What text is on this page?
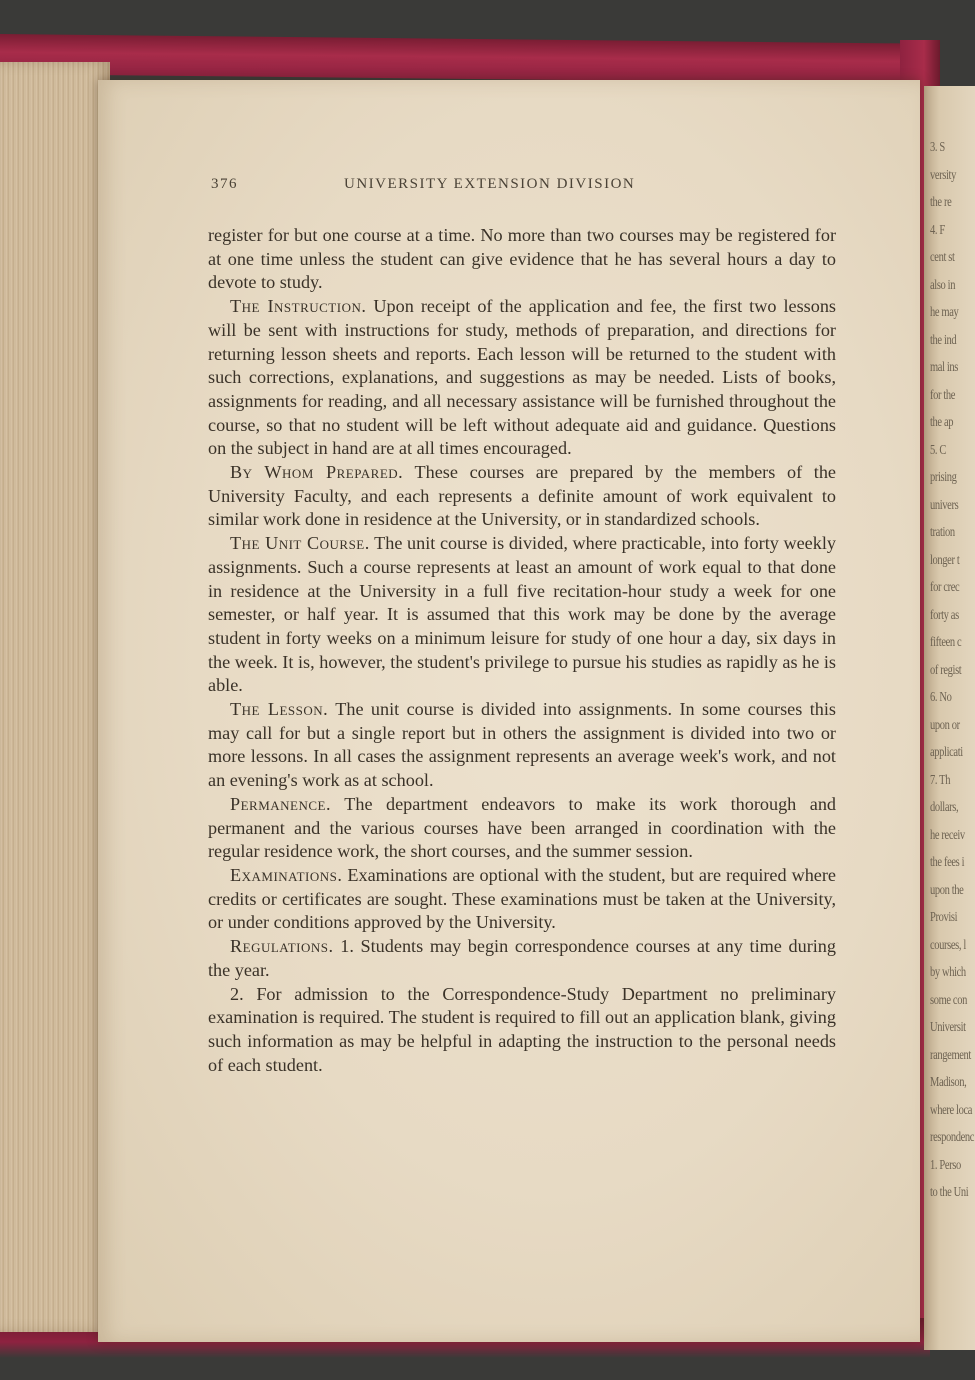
3. S
versity
the re
4. F
cent st
also in
he may
the ind
mal ins
for the
the ap
5. C
prising
univers
tration
longer t
for crec
forty as
fifteen c
of regist
6. No
upon or
applicati
7. Th
dollars,
he receiv
the fees i
upon the
Provisi
courses, l
by which
some con
Universit
rangement
Madison,
where loca
respondenc
1. Perso
to the Uni
376	UNIVERSITY EXTENSION DIVISION

register for but one course at a time. No more than two courses may be registered for at one time unless the student can give evidence that he has several hours a day to devote to study.

The Instruction. Upon receipt of the application and fee, the first two lessons will be sent with instructions for study, methods of preparation, and directions for returning lesson sheets and reports. Each lesson will be returned to the student with such corrections, explanations, and suggestions as may be needed. Lists of books, assignments for reading, and all necessary assistance will be furnished throughout the course, so that no student will be left without adequate aid and guidance. Questions on the subject in hand are at all times encouraged.

By Whom Prepared. These courses are prepared by the members of the University Faculty, and each represents a definite amount of work equivalent to similar work done in residence at the University, or in standardized schools.

The Unit Course. The unit course is divided, where practicable, into forty weekly assignments. Such a course represents at least an amount of work equal to that done in residence at the University in a full five recitation-hour study a week for one semester, or half year. It is assumed that this work may be done by the average student in forty weeks on a minimum leisure for study of one hour a day, six days in the week. It is, however, the student's privilege to pursue his studies as rapidly as he is able.

The Lesson. The unit course is divided into assignments. In some courses this may call for but a single report but in others the assignment is divided into two or more lessons. In all cases the assignment represents an average week's work, and not an evening's work as at school.

Permanence. The department endeavors to make its work thorough and permanent and the various courses have been arranged in coordination with the regular residence work, the short courses, and the summer session.

Examinations. Examinations are optional with the student, but are required where credits or certificates are sought. These examinations must be taken at the University, or under conditions approved by the University.

Regulations. 1. Students may begin correspondence courses at any time during the year.

2. For admission to the Correspondence-Study Department no preliminary examination is required. The student is required to fill out an application blank, giving such information as may be helpful in adapting the instruction to the personal needs of each student.
